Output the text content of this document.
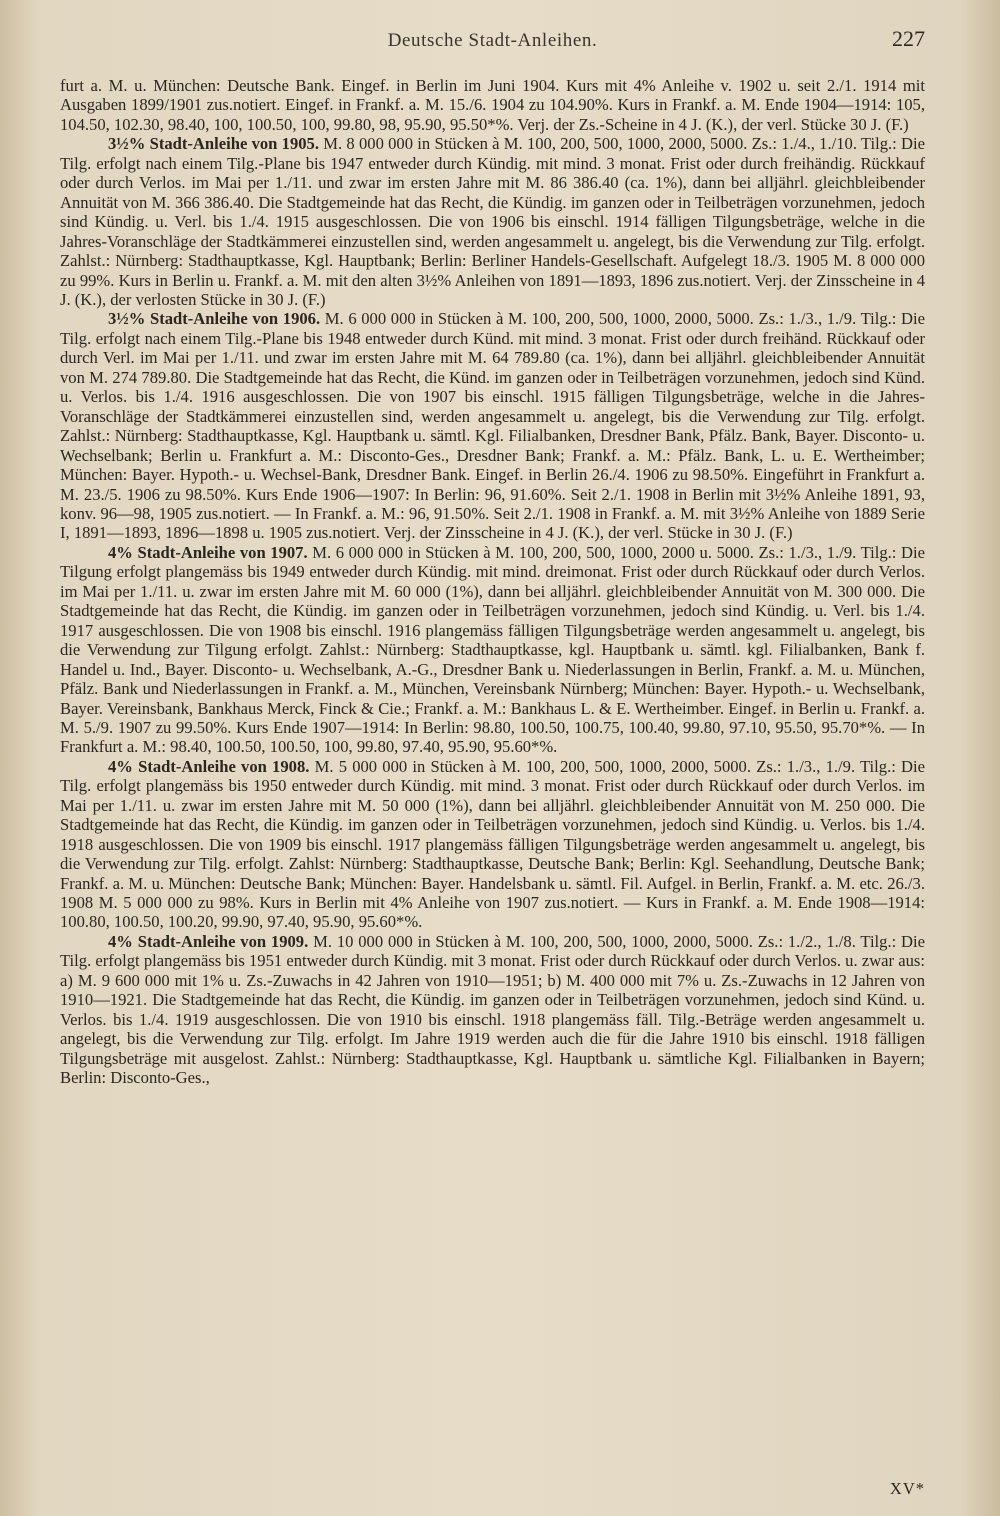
Deutsche Stadt-Anleihen.	227

furt a. M. u. München: Deutsche Bank. Eingef. in Berlin im Juni 1904. Kurs mit 4% Anleihe v. 1902 u. seit 2./1. 1914 mit Ausgaben 1899/1901 zus.notiert. Eingef. in Frankf. a. M. 15./6. 1904 zu 104.90%. Kurs in Frankf. a. M. Ende 1904—1914: 105, 104.50, 102.30, 98.40, 100, 100.50, 100, 99.80, 98, 95.90, 95.50*%. Verj. der Zs.-Scheine in 4 J. (K.), der verl. Stücke 30 J. (F.)

3½% Stadt-Anleihe von 1905. M. 8 000 000 in Stücken à M. 100, 200, 500, 1000, 2000, 5000. Zs.: 1./4., 1./10. Tilg.: Die Tilg. erfolgt nach einem Tilg.-Plane bis 1947 entweder durch Kündig. mit mind. 3 monat. Frist oder durch freihändig. Rückkauf oder durch Verlos. im Mai per 1./11. und zwar im ersten Jahre mit M. 86 386.40 (ca. 1%), dann bei alljährl. gleichbleibender Annuität von M. 366 386.40. Die Stadtgemeinde hat das Recht, die Kündig. im ganzen oder in Teilbeträgen vorzunehmen, jedoch sind Kündig. u. Verl. bis 1./4. 1915 ausgeschlossen. Die von 1906 bis einschl. 1914 fälligen Tilgungsbeträge, welche in die Jahres-Voranschläge der Stadtkämmerei einzustellen sind, werden angesammelt u. angelegt, bis die Verwendung zur Tilg. erfolgt. Zahlst.: Nürnberg: Stadthauptkasse, Kgl. Hauptbank; Berlin: Berliner Handels-Gesellschaft. Aufgelegt 18./3. 1905 M. 8 000 000 zu 99%. Kurs in Berlin u. Frankf. a. M. mit den alten 3½% Anleihen von 1891—1893, 1896 zus.notiert. Verj. der Zinsscheine in 4 J. (K.), der verlosten Stücke in 30 J. (F.)

3½% Stadt-Anleihe von 1906. M. 6 000 000 in Stücken à M. 100, 200, 500, 1000, 2000, 5000. Zs.: 1./3., 1./9. Tilg.: Die Tilg. erfolgt nach einem Tilg.-Plane bis 1948 entweder durch Künd. mit mind. 3 monat. Frist oder durch freihänd. Rückkauf oder durch Verl. im Mai per 1./11. und zwar im ersten Jahre mit M. 64 789.80 (ca. 1%), dann bei alljährl. gleichbleibender Annuität von M. 274 789.80. Die Stadtgemeinde hat das Recht, die Künd. im ganzen oder in Teilbeträgen vorzunehmen, jedoch sind Künd. u. Verlos. bis 1./4. 1916 ausgeschlossen. Die von 1907 bis einschl. 1915 fälligen Tilgungsbeträge, welche in die Jahres-Voranschläge der Stadtkämmerei einzustellen sind, werden angesammelt u. angelegt, bis die Verwendung zur Tilg. erfolgt. Zahlst.: Nürnberg: Stadthauptkasse, Kgl. Hauptbank u. sämtl. Kgl. Filialbanken, Dresdner Bank, Pfälz. Bank, Bayer. Disconto- u. Wechselbank; Berlin u. Frankfurt a. M.: Disconto-Ges., Dresdner Bank; Frankf. a. M.: Pfälz. Bank, L. u. E. Wertheimber; München: Bayer. Hypoth.- u. Wechsel-Bank, Dresdner Bank. Eingef. in Berlin 26./4. 1906 zu 98.50%. Eingeführt in Frankfurt a. M. 23./5. 1906 zu 98.50%. Kurs Ende 1906—1907: In Berlin: 96, 91.60%. Seit 2./1. 1908 in Berlin mit 3½% Anleihe 1891, 93, konv. 96—98, 1905 zus.notiert. — In Frankf. a. M.: 96, 91.50%. Seit 2./1. 1908 in Frankf. a. M. mit 3½% Anleihe von 1889 Serie I, 1891—1893, 1896—1898 u. 1905 zus.notiert. Verj. der Zinsscheine in 4 J. (K.), der verl. Stücke in 30 J. (F.)

4% Stadt-Anleihe von 1907. M. 6 000 000 in Stücken à M. 100, 200, 500, 1000, 2000 u. 5000. Zs.: 1./3., 1./9. Tilg.: Die Tilgung erfolgt plangemäss bis 1949 entweder durch Kündig. mit mind. dreimonat. Frist oder durch Rückkauf oder durch Verlos. im Mai per 1./11. u. zwar im ersten Jahre mit M. 60 000 (1%), dann bei alljährl. gleichbleibender Annuität von M. 300 000. Die Stadtgemeinde hat das Recht, die Kündig. im ganzen oder in Teilbeträgen vorzunehmen, jedoch sind Kündig. u. Verl. bis 1./4. 1917 ausgeschlossen. Die von 1908 bis einschl. 1916 plangemäss fälligen Tilgungsbeträge werden angesammelt u. angelegt, bis die Verwendung zur Tilgung erfolgt. Zahlst.: Nürnberg: Stadthauptkasse, kgl. Hauptbank u. sämtl. kgl. Filialbanken, Bank f. Handel u. Ind., Bayer. Disconto- u. Wechselbank, A.-G., Dresdner Bank u. Niederlassungen in Berlin, Frankf. a. M. u. München, Pfälz. Bank und Niederlassungen in Frankf. a. M., München, Vereinsbank Nürnberg; München: Bayer. Hypoth.- u. Wechselbank, Bayer. Vereinsbank, Bankhaus Merck, Finck & Cie.; Frankf. a. M.: Bankhaus L. & E. Wertheimber. Eingef. in Berlin u. Frankf. a. M. 5./9. 1907 zu 99.50%. Kurs Ende 1907—1914: In Berlin: 98.80, 100.50, 100.75, 100.40, 99.80, 97.10, 95.50, 95.70*%. — In Frankfurt a. M.: 98.40, 100.50, 100.50, 100, 99.80, 97.40, 95.90, 95.60*%.

4% Stadt-Anleihe von 1908. M. 5 000 000 in Stücken à M. 100, 200, 500, 1000, 2000, 5000. Zs.: 1./3., 1./9. Tilg.: Die Tilg. erfolgt plangemäss bis 1950 entweder durch Kündig. mit mind. 3 monat. Frist oder durch Rückkauf oder durch Verlos. im Mai per 1./11. u. zwar im ersten Jahre mit M. 50 000 (1%), dann bei alljährl. gleichbleibender Annuität von M. 250 000. Die Stadtgemeinde hat das Recht, die Kündig. im ganzen oder in Teilbeträgen vorzunehmen, jedoch sind Kündig. u. Verlos. bis 1./4. 1918 ausgeschlossen. Die von 1909 bis einschl. 1917 plangemäss fälligen Tilgungsbeträge werden angesammelt u. angelegt, bis die Verwendung zur Tilg. erfolgt. Zahlst: Nürnberg: Stadthauptkasse, Deutsche Bank; Berlin: Kgl. Seehandlung, Deutsche Bank; Frankf. a. M. u. München: Deutsche Bank; München: Bayer. Handelsbank u. sämtl. Fil. Aufgel. in Berlin, Frankf. a. M. etc. 26./3. 1908 M. 5 000 000 zu 98%. Kurs in Berlin mit 4% Anleihe von 1907 zus.notiert. — Kurs in Frankf. a. M. Ende 1908—1914: 100.80, 100.50, 100.20, 99.90, 97.40, 95.90, 95.60*%.

4% Stadt-Anleihe von 1909. M. 10 000 000 in Stücken à M. 100, 200, 500, 1000, 2000, 5000. Zs.: 1./2., 1./8. Tilg.: Die Tilg. erfolgt plangemäss bis 1951 entweder durch Kündig. mit 3 monat. Frist oder durch Rückkauf oder durch Verlos. u. zwar aus: a) M. 9 600 000 mit 1% u. Zs.-Zuwachs in 42 Jahren von 1910—1951; b) M. 400 000 mit 7% u. Zs.-Zuwachs in 12 Jahren von 1910—1921. Die Stadtgemeinde hat das Recht, die Kündig. im ganzen oder in Teilbeträgen vorzunehmen, jedoch sind Künd. u. Verlos. bis 1./4. 1919 ausgeschlossen. Die von 1910 bis einschl. 1918 plangemäss fäll. Tilg.-Beträge werden angesammelt u. angelegt, bis die Verwendung zur Tilg. erfolgt. Im Jahre 1919 werden auch die für die Jahre 1910 bis einschl. 1918 fälligen Tilgungsbeträge mit ausgelost. Zahlst.: Nürnberg: Stadthauptkasse, Kgl. Hauptbank u. sämtliche Kgl. Filialbanken in Bayern; Berlin: Disconto-Ges.,

XV*
